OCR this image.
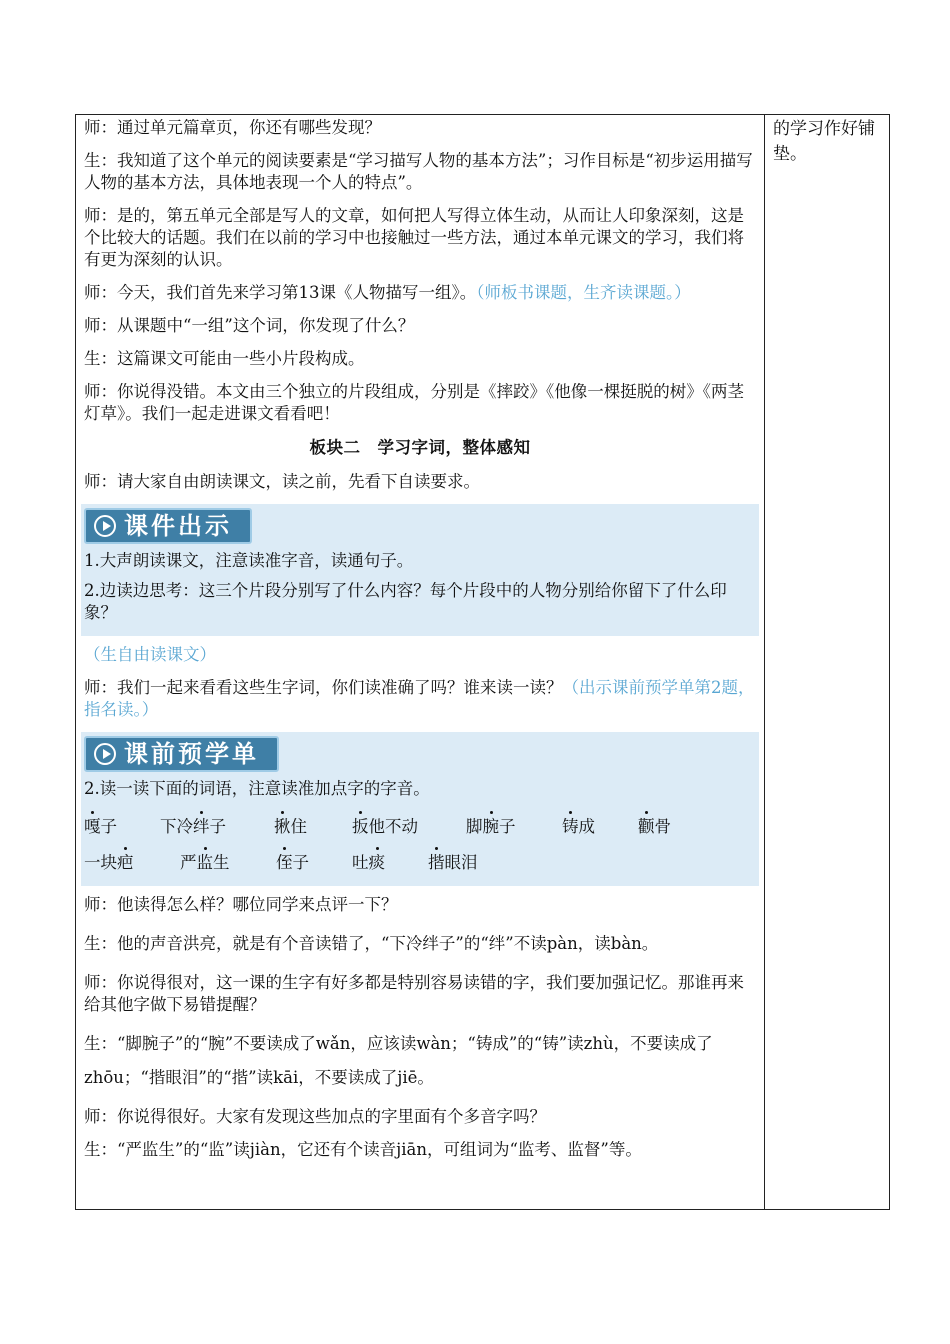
师：通过单元篇章页，你还有哪些发现？

生：我知道了这个单元的阅读要素是“学习描写人物的基本方法”；习作目标是“初步运用描写人物的基本方法，具体地表现一个人的特点”。

师：是的，第五单元全部是写人的文章，如何把人写得立体生动，从而让人印象深刻，这是个比较大的话题。我们在以前的学习中也接触过一些方法，通过本单元课文的学习，我们将有更为深刻的认识。

师：今天，我们首先来学习第13课《人物描写一组》。（师板书课题，生齐读课题。）

师：从课题中“一组”这个词，你发现了什么？

生：这篇课文可能由一些小片段构成。

师：你说得没错。本文由三个独立的片段组成，分别是《摔跤》《他像一棵挺脱的树》《两茎灯草》。我们一起走进课文看看吧！

板块二　学习字词，整体感知

师：请大家自由朗读课文，读之前，先看下自读要求。

课件出示

1.大声朗读课文，注意读准字音，读通句子。

2.边读边思考：这三个片段分别写了什么内容？每个片段中的人物分别给你留下了什么印象？

（生自由读课文）

师：我们一起来看看这些生字词，你们读准确了吗？谁来读一读？（出示课前预学单第2题，指名读。）

课前预学单

2.读一读下面的词语，注意读准加点字的字音。

嘎子	下冷绊子	揪住	扳他不动	脚腕子	铸成	颧骨
一块疤	严监生	侄子	吐痰	揩眼泪

师：他读得怎么样？哪位同学来点评一下？

生：他的声音洪亮，就是有个音读错了，“下冷绊子”的“绊”不读pàn，读bàn。

师：你说得很对，这一课的生字有好多都是特别容易读错的字，我们要加强记忆。那谁再来给其他字做下易错提醒？

生：“脚腕子”的“腕”不要读成了wǎn，应该读wàn；“铸成”的“铸”读zhù，不要读成了zhōu；“揩眼泪”的“揩”读kāi，不要读成了jiē。

师：你说得很好。大家有发现这些加点的字里面有个多音字吗？

生：“严监生”的“监”读jiàn，它还有个读音jiān，可组词为“监考、监督”等。

的学习作好铺垫。
